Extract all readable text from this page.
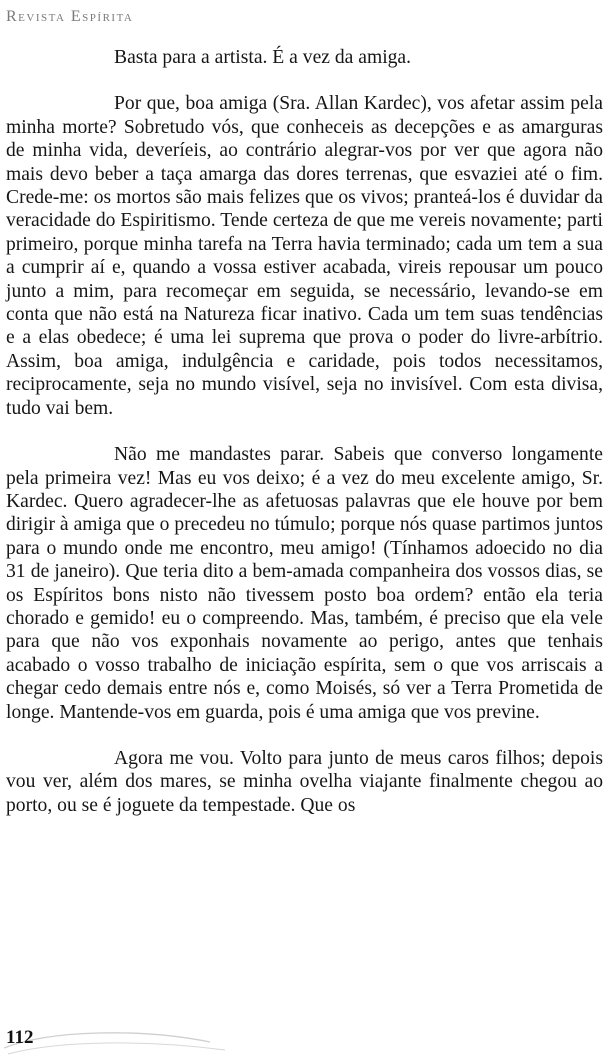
Revista Espírita

Basta para a artista. É a vez da amiga.

Por que, boa amiga (Sra. Allan Kardec), vos afetar assim pela minha morte? Sobretudo vós, que conheceis as decepções e as amarguras de minha vida, deveríeis, ao contrário alegrar-vos por ver que agora não mais devo beber a taça amarga das dores terrenas, que esvaziei até o fim. Crede-me: os mortos são mais felizes que os vivos; pranteá-los é duvidar da veracidade do Espiritismo. Tende certeza de que me vereis novamente; parti primeiro, porque minha tarefa na Terra havia terminado; cada um tem a sua a cumprir aí e, quando a vossa estiver acabada, vireis repousar um pouco junto a mim, para recomeçar em seguida, se necessário, levando-se em conta que não está na Natureza ficar inativo. Cada um tem suas tendências e a elas obedece; é uma lei suprema que prova o poder do livre-arbítrio. Assim, boa amiga, indulgência e caridade, pois todos necessitamos, reciprocamente, seja no mundo visível, seja no invisível. Com esta divisa, tudo vai bem.

Não me mandastes parar. Sabeis que converso longamente pela primeira vez! Mas eu vos deixo; é a vez do meu excelente amigo, Sr. Kardec. Quero agradecer-lhe as afetuosas palavras que ele houve por bem dirigir à amiga que o precedeu no túmulo; porque nós quase partimos juntos para o mundo onde me encontro, meu amigo! (Tínhamos adoecido no dia 31 de janeiro). Que teria dito a bem-amada companheira dos vossos dias, se os Espíritos bons nisto não tivessem posto boa ordem? então ela teria chorado e gemido! eu o compreendo. Mas, também, é preciso que ela vele para que não vos exponhais novamente ao perigo, antes que tenhais acabado o vosso trabalho de iniciação espírita, sem o que vos arriscais a chegar cedo demais entre nós e, como Moisés, só ver a Terra Prometida de longe. Mantende-vos em guarda, pois é uma amiga que vos previne.

Agora me vou. Volto para junto de meus caros filhos; depois vou ver, além dos mares, se minha ovelha viajante finalmente chegou ao porto, ou se é joguete da tempestade. Que os

112
